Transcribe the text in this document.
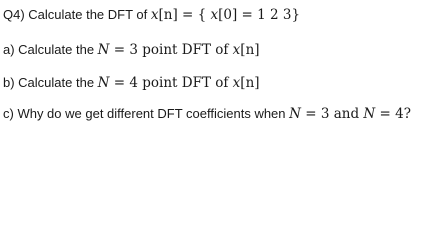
Q4) Calculate the DFT of x[n] = { x[0] = 1 2 3}
a) Calculate the N = 3 point DFT of x[n]
b) Calculate the N = 4 point DFT of x[n]
c) Why do we get different DFT coefficients when N = 3 and N = 4?
